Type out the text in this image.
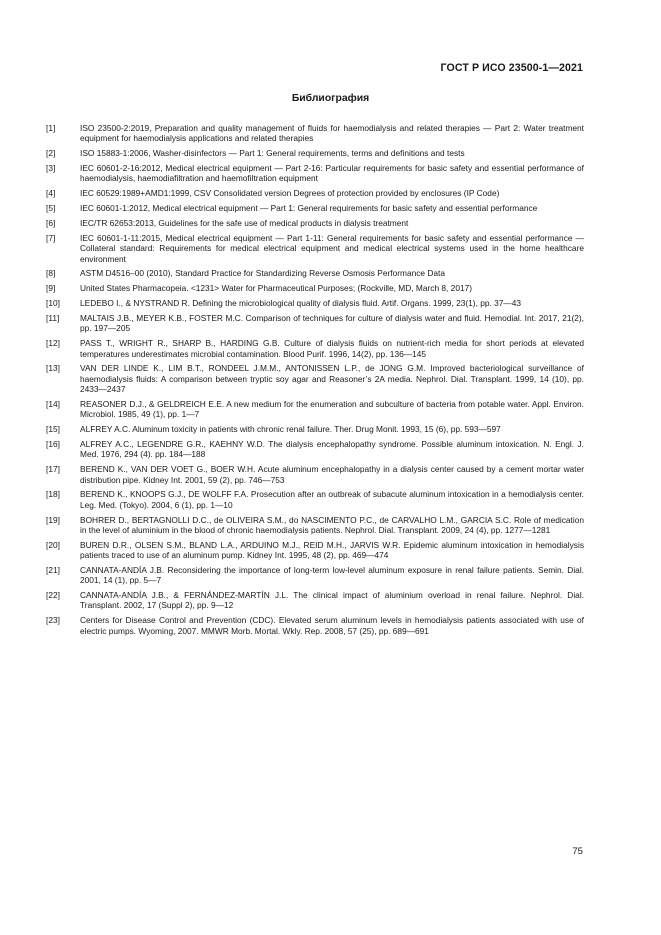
ГОСТ Р ИСО 23500-1—2021
Библиография
[1]	ISO 23500-2:2019, Preparation and quality management of fluids for haemodialysis and related therapies — Part 2: Water treatment equipment for haemodialysis applications and related therapies
[2]	ISO 15883-1:2006, Washer-disinfectors — Part 1: General requirements, terms and definitions and tests
[3]	IEC 60601-2-16:2012, Medical electrical equipment — Part 2-16: Particular requirements for basic safety and essential performance of haemodialysis, haemodiafiltration and haemofiltration equipment
[4]	IEC 60529:1989+AMD1:1999, CSV Consolidated version Degrees of protection provided by enclosures (IP Code)
[5]	IEC 60601-1:2012, Medical electrical equipment — Part 1: General requirements for basic safety and essential performance
[6]	IEC/TR 62653:2013, Guidelines for the safe use of medical products in dialysis treatment
[7]	IEC 60601-1-11:2015, Medical electrical equipment — Part 1-11: General requirements for basic safety and essential performance — Collateral standard: Requirements for medical electrical equipment and medical electrical systems used in the home healthcare environment
[8]	ASTM D4516–00 (2010), Standard Practice for Standardizing Reverse Osmosis Performance Data
[9]	United States Pharmacopeia. <1231> Water for Pharmaceutical Purposes; (Rockville, MD, March 8, 2017)
[10]	LEDEBO I., & NYSTRAND R. Defining the microbiological quality of dialysis fluid. Artif. Organs. 1999, 23(1), pp. 37—43
[11]	MALTAIS J.B., MEYER K.B., FOSTER M.C. Comparison of techniques for culture of dialysis water and fluid. Hemodial. Int. 2017, 21(2), pp. 197—205
[12]	PASS T., WRIGHT R., SHARP B., HARDING G.B. Culture of dialysis fluids on nutrient-rich media for short periods at elevated temperatures underestimates microbial contamination. Blood Purif. 1996, 14(2), pp. 136—145
[13]	VAN DER LINDE K., LIM B.T., RONDEEL J.M.M., ANTONISSEN L.P., de JONG G.M. Improved bacteriological surveillance of haemodialysis fluids: A comparison between tryptic soy agar and Reasoner’s 2A media. Nephrol. Dial. Transplant. 1999, 14 (10), pp. 2433—2437
[14]	REASONER D.J., & GELDREICH E.E. A new medium for the enumeration and subculture of bacteria from potable water. Appl. Environ. Microbiol. 1985, 49 (1), pp. 1—7
[15]	ALFREY A.C. Aluminum toxicity in patients with chronic renal failure. Ther. Drug Monit. 1993, 15 (6), pp. 593—597
[16]	ALFREY A.C., LEGENDRE G.R., KAEHNY W.D. The dialysis encephalopathy syndrome. Possible aluminum intoxication. N. Engl. J. Med. 1976, 294 (4). pp. 184—188
[17]	BEREND K., VAN DER VOET G., BOER W.H. Acute aluminum encephalopathy in a dialysis center caused by a cement mortar water distribution pipe. Kidney Int. 2001, 59 (2), pp. 746—753
[18]	BEREND K., KNOOPS G.J., DE WOLFF F.A. Prosecution after an outbreak of subacute aluminum intoxication in a hemodialysis center. Leg. Med. (Tokyo). 2004, 6 (1), pp. 1—10
[19]	BOHRER D., BERTAGNOLLI D.C., de OLIVEIRA S.M., do NASCIMENTO P.C., de CARVALHO L.M., GARCIA S.C. Role of medication in the level of aluminium in the blood of chronic haemodialysis patients. Nephrol. Dial. Transplant. 2009, 24 (4), pp. 1277—1281
[20]	BUREN D.R., OLSEN S.M., BLAND L.A., ARDUINO M.J., REID M.H., JARVIS W.R. Epidemic aluminum intoxication in hemodialysis patients traced to use of an aluminum pump. Kidney Int. 1995, 48 (2), pp. 469—474
[21]	CANNATA-ANDÍA J.B. Reconsidering the importance of long-term low-level aluminum exposure in renal failure patients. Semin. Dial. 2001, 14 (1), pp. 5—7
[22]	CANNATA-ANDÍA J.B., & FERNÁNDEZ-MARTÍN J.L. The clinical impact of aluminium overload in renal failure. Nephrol. Dial. Transplant. 2002, 17 (Suppl 2), pp. 9—12
[23]	Centers for Disease Control and Prevention (CDC). Elevated serum aluminum levels in hemodialysis patients associated with use of electric pumps. Wyoming, 2007. MMWR Morb. Mortal. Wkly. Rep. 2008, 57 (25), pp. 689—691
75
